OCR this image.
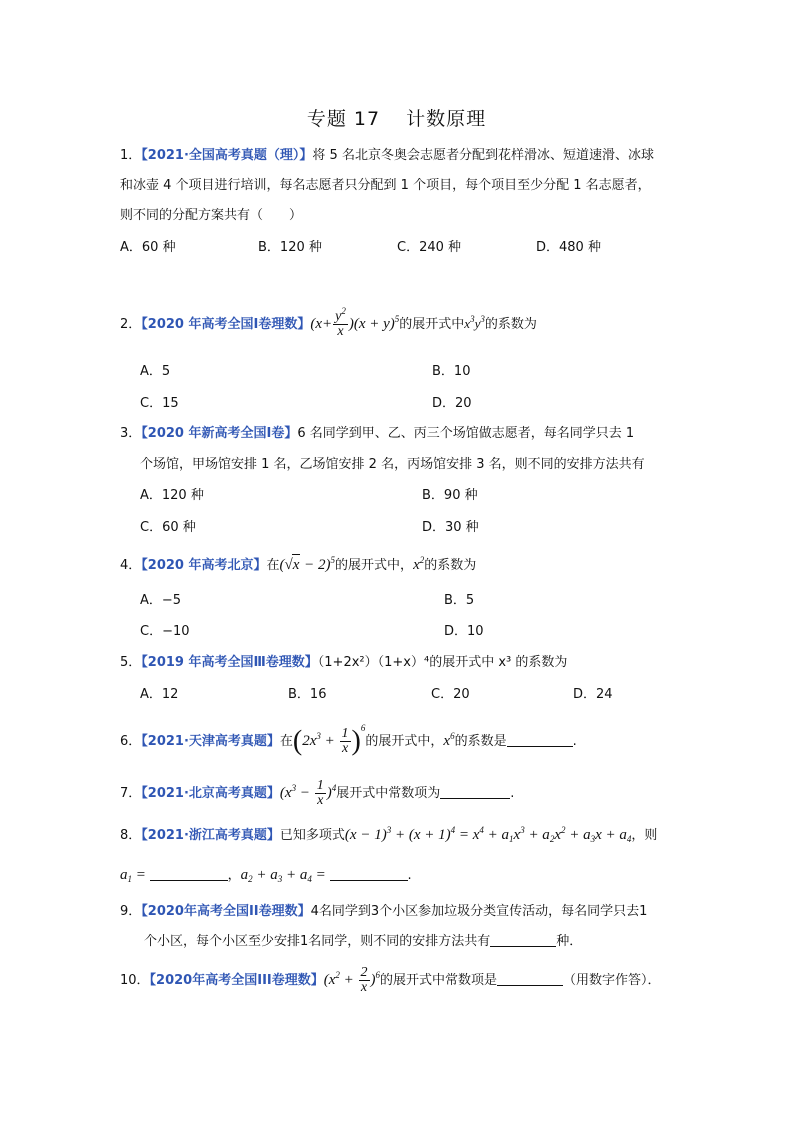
专题 17 计数原理
1．【2021·全国高考真题（理）】将 5 名北京冬奥会志愿者分配到花样滑冰、短道速滑、冰球
和冰壶 4 个项目进行培训，每名志愿者只分配到 1 个项目，每个项目至少分配 1 名志愿者，
则不同的分配方案共有（　　）
A．60 种	B．120 种	C．240 种	D．480 种
2．【2020 年高考全国Ⅰ卷理数】$(x+ \frac{y^2}{x} )(x + y)^5$的展开式中$x^3y^3$的系数为
A．5	B．10
C．15	D．20
3．【2020 年新高考全国Ⅰ卷】6 名同学到甲、乙、丙三个场馆做志愿者，每名同学只去 1
个场馆，甲场馆安排 1 名，乙场馆安排 2 名，丙场馆安排 3 名，则不同的安排方法共有
A．120 种	B．90 种
C．60 种	D．30 种
4．【2020 年高考北京】在$(√x - 2)^5$的展开式中，$x^2$的系数为
A．−5	B．5
C．−10	D．10
5．【2019 年高考全国Ⅲ卷理数】（1+2x²）（1+x）⁴的展开式中 x³ 的系数为
A．12	B．16	C．20	D．24
6．【2021·天津高考真题】在$(2x^3 + \frac{1}{x} )^6$的展开式中，$x^6$的系数是	.
7．【2021·北京高考真题】$(x^3 - \frac{1}{x} )^4$展开式中常数项为	.
8．【2021·浙江高考真题】已知多项式$(x - 1)^3 + (x + 1)^4 = x^4 + a_1x^3 + a_2x^2 + a_3x + a_4$，则
$a_1$ =	，$a_2 + a_3 + a_4$ =	.
9．【2020年高考全国II卷理数】4名同学到3个小区参加垃圾分类宣传活动，每名同学只去1
个小区，每个小区至少安排1名同学，则不同的安排方法共有	种．
10．【2020年高考全国III卷理数】$(x^2 + \frac{2}{x} )^6$的展开式中常数项是	（用数字作答）．
